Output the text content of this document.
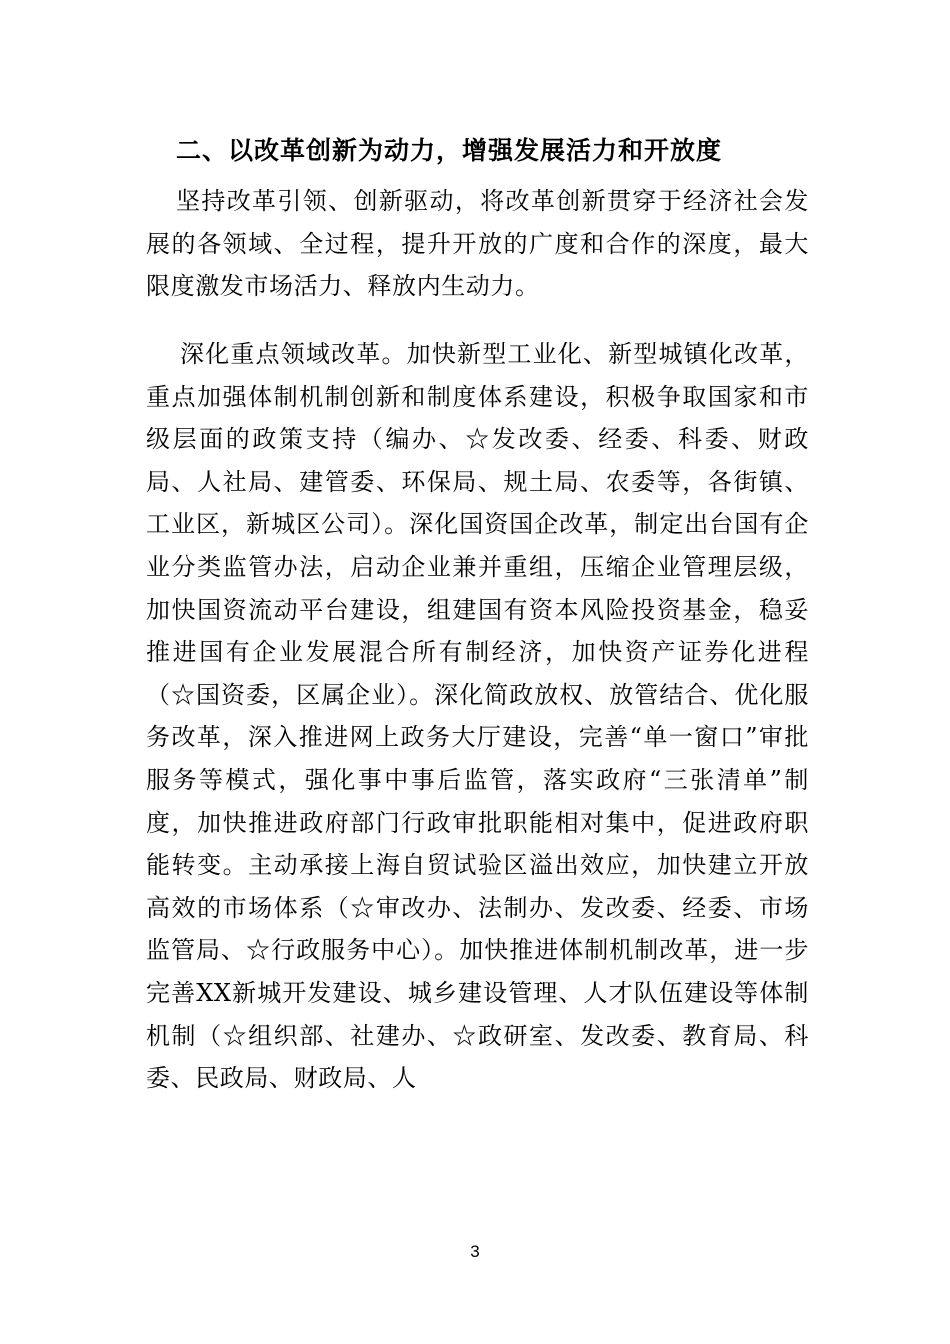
二、以改革创新为动力，增强发展活力和开放度

坚持改革引领、创新驱动，将改革创新贯穿于经济社会发展的各领域、全过程，提升开放的广度和合作的深度，最大限度激发市场活力、释放内生动力。

深化重点领域改革。加快新型工业化、新型城镇化改革，重点加强体制机制创新和制度体系建设，积极争取国家和市级层面的政策支持（编办、☆发改委、经委、科委、财政局、人社局、建管委、环保局、规土局、农委等，各街镇、工业区，新城区公司）。深化国资国企改革，制定出台国有企业分类监管办法，启动企业兼并重组，压缩企业管理层级，加快国资流动平台建设，组建国有资本风险投资基金，稳妥推进国有企业发展混合所有制经济，加快资产证券化进程（☆国资委，区属企业）。深化简政放权、放管结合、优化服务改革，深入推进网上政务大厅建设，完善“单一窗口”审批服务等模式，强化事中事后监管，落实政府“三张清单”制度，加快推进政府部门行政审批职能相对集中，促进政府职能转变。主动承接上海自贸试验区溢出效应，加快建立开放高效的市场体系（☆审改办、法制办、发改委、经委、市场监管局、☆行政服务中心）。加快推进体制机制改革，进一步完善XX新城开发建设、城乡建设管理、人才队伍建设等体制机制（☆组织部、社建办、☆政研室、发改委、教育局、科委、民政局、财政局、人

3
